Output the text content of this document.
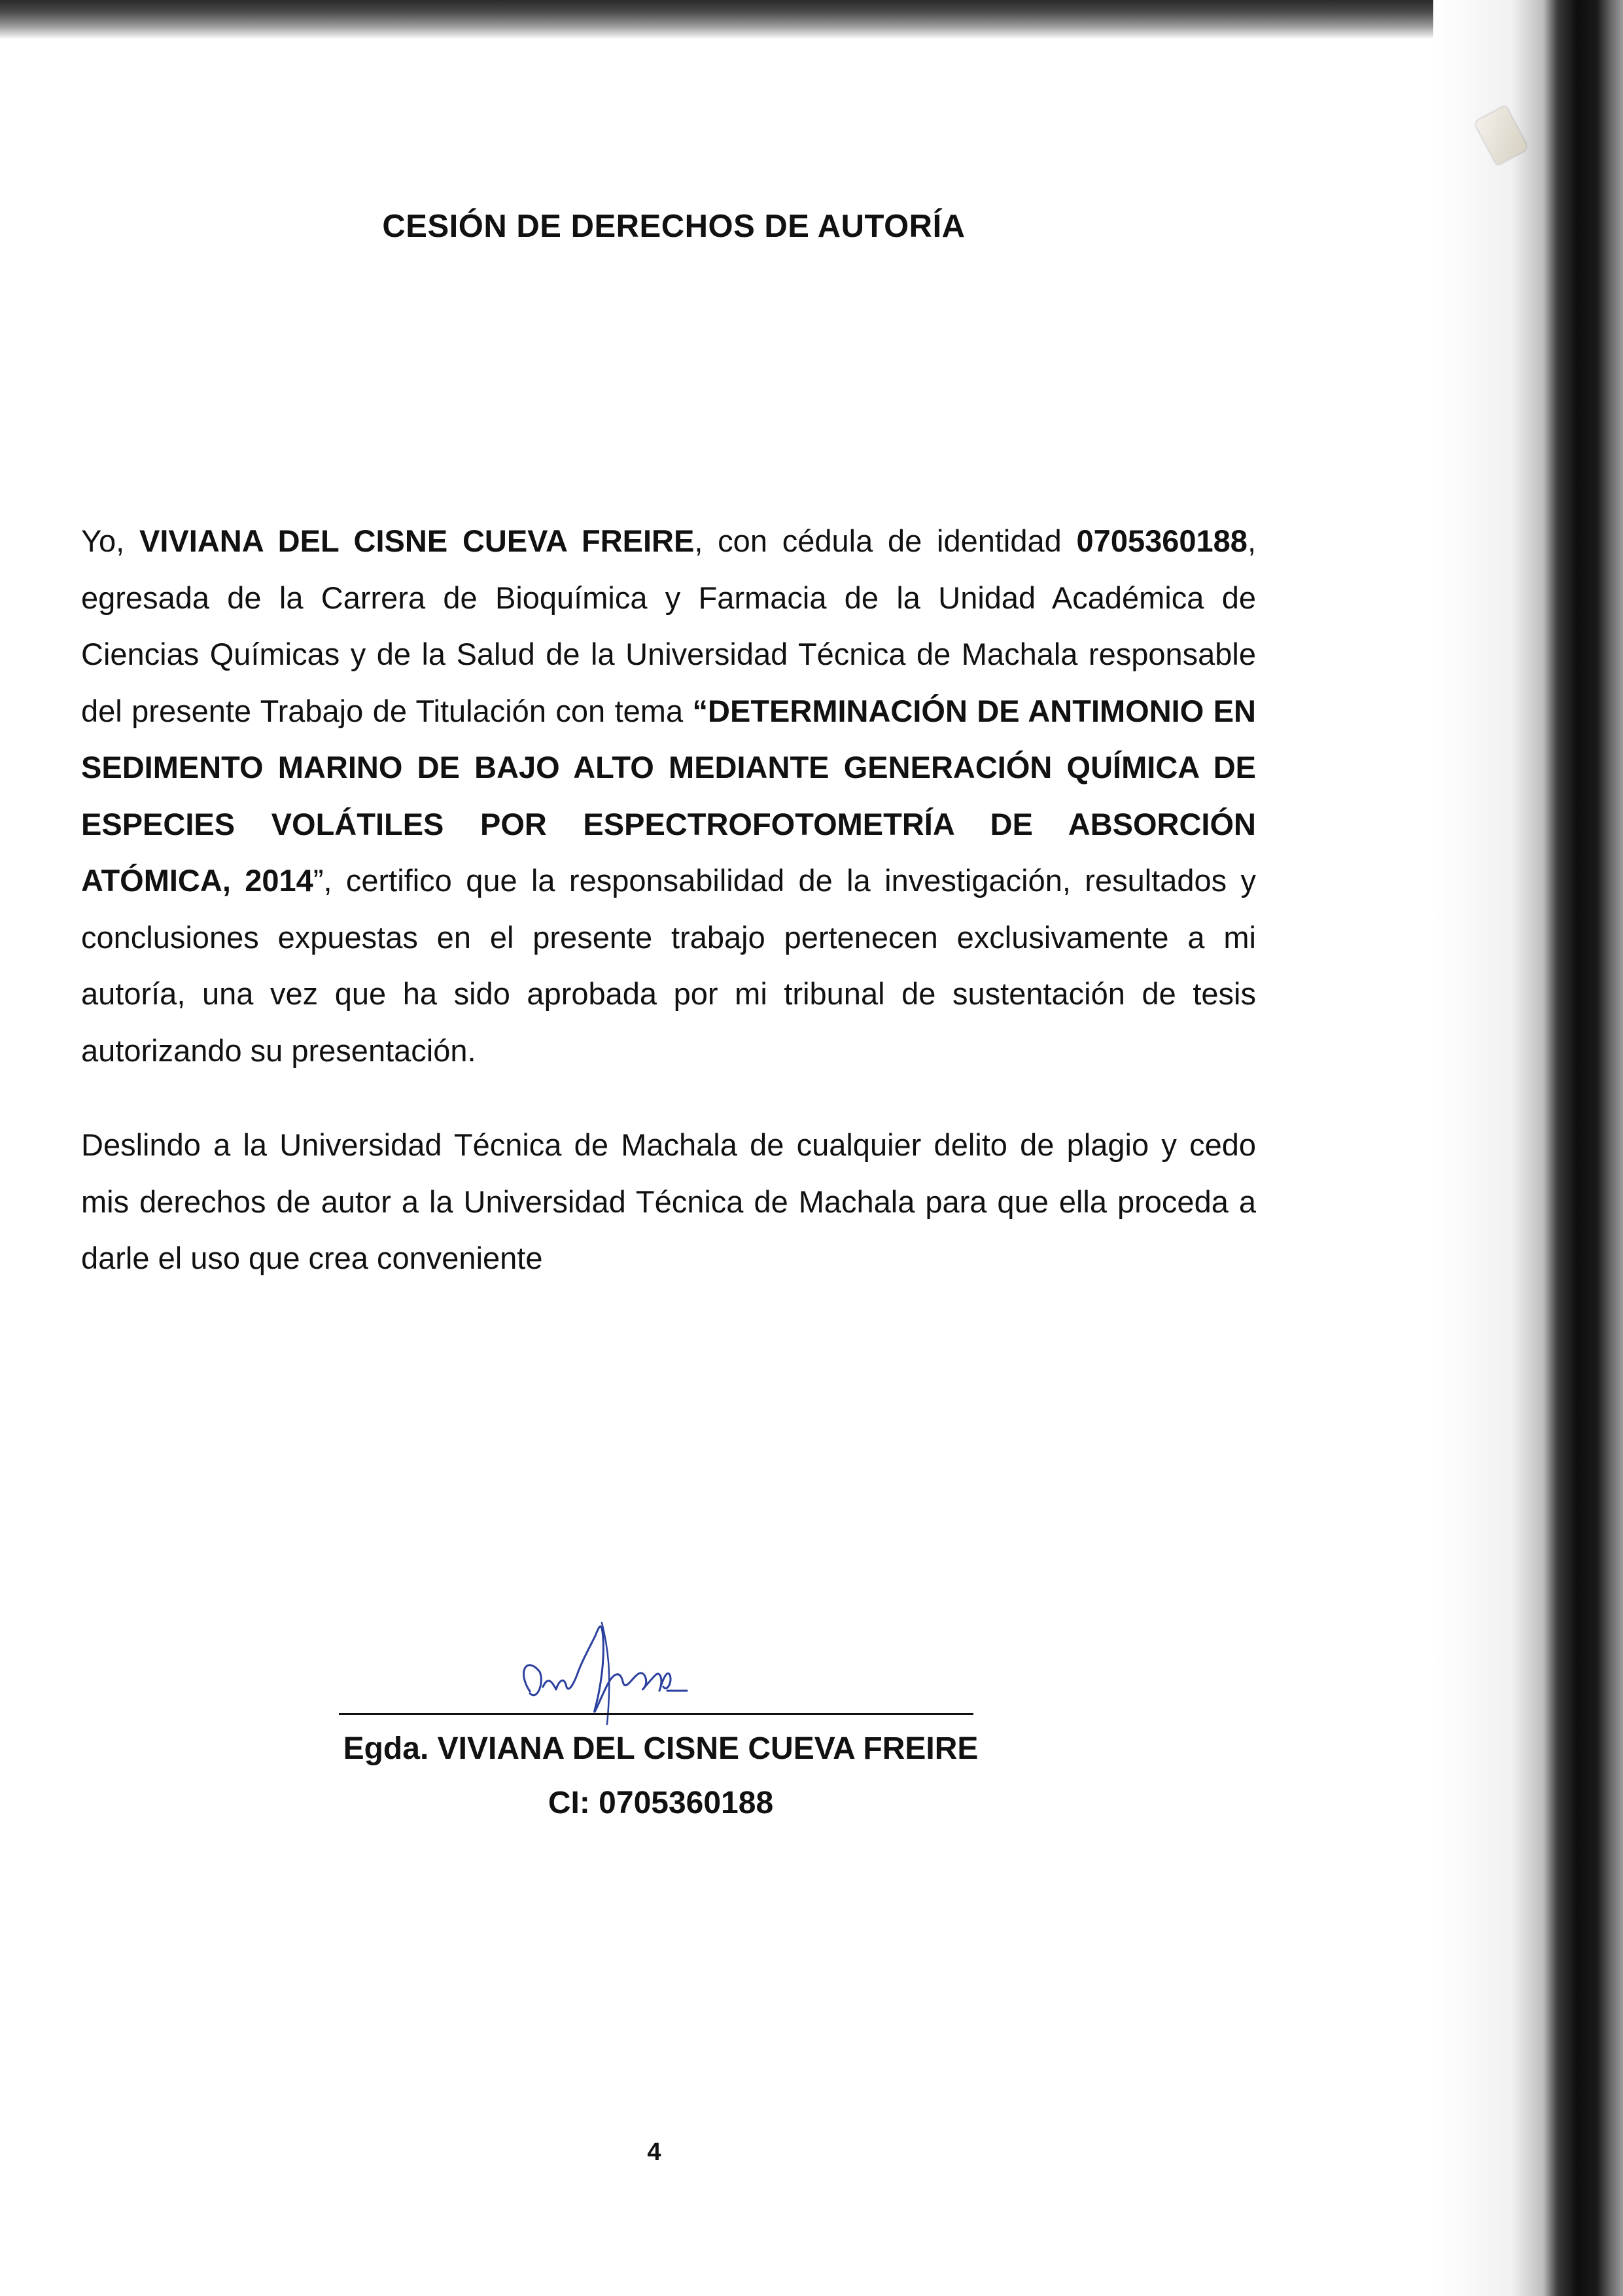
CESIÓN DE DERECHOS DE AUTORÍA

Yo, VIVIANA DEL CISNE CUEVA FREIRE, con cédula de identidad 0705360188, egresada de la Carrera de Bioquímica y Farmacia de la Unidad Académica de Ciencias Químicas y de la Salud de la Universidad Técnica de Machala responsable del presente Trabajo de Titulación con tema “DETERMINACIÓN DE ANTIMONIO EN SEDIMENTO MARINO DE BAJO ALTO MEDIANTE GENERACIÓN QUÍMICA DE ESPECIES VOLÁTILES POR ESPECTROFOTOMETRÍA DE ABSORCIÓN ATÓMICA, 2014”, certifico que la responsabilidad de la investigación, resultados y conclusiones expuestas en el presente trabajo pertenecen exclusivamente a mi autoría, una vez que ha sido aprobada por mi tribunal de sustentación de tesis autorizando su presentación.

Deslindo a la Universidad Técnica de Machala de cualquier delito de plagio y cedo mis derechos de autor a la Universidad Técnica de Machala para que ella proceda a darle el uso que crea conveniente

Egda. VIVIANA DEL CISNE CUEVA FREIRE
CI: 0705360188
4
